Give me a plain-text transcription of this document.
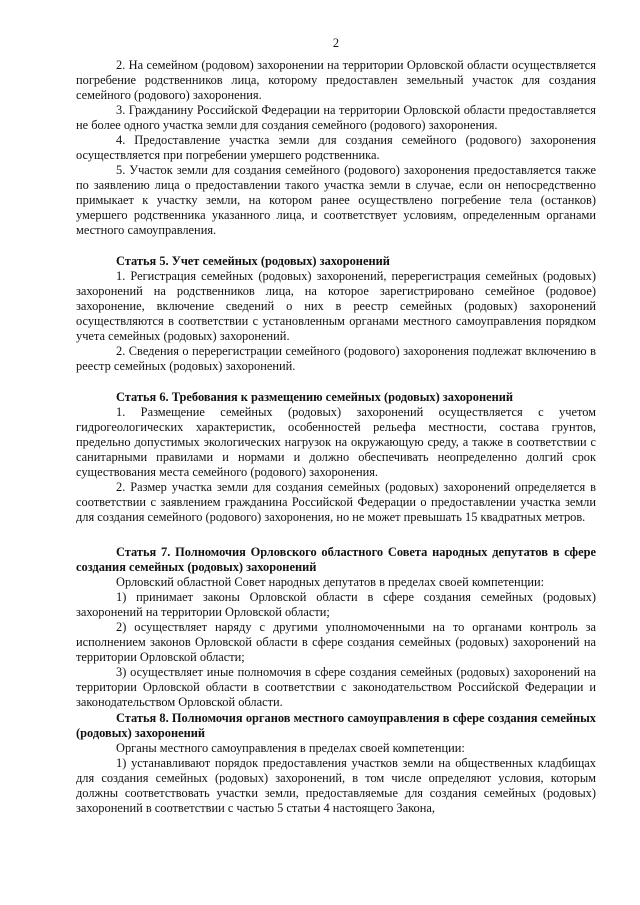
2

2. На семейном (родовом) захоронении на территории Орловской области осуществляется погребение родственников лица, которому предоставлен земельный участок для создания семейного (родового) захоронения.

3. Гражданину Российской Федерации на территории Орловской области предоставляется не более одного участка земли для создания семейного (родового) захоронения.

4. Предоставление участка земли для создания семейного (родового) захоронения осуществляется при погребении умершего родственника.

5. Участок земли для создания семейного (родового) захоронения предоставляется также по заявлению лица о предоставлении такого участка земли в случае, если он непосредственно примыкает к участку земли, на котором ранее осуществлено погребение тела (останков) умершего родственника указанного лица, и соответствует условиям, определенным органами местного самоуправления.

Статья 5. Учет семейных (родовых) захоронений

1. Регистрация семейных (родовых) захоронений, перерегистрация семейных (родовых) захоронений на родственников лица, на которое зарегистрировано семейное (родовое) захоронение, включение сведений о них в реестр семейных (родовых) захоронений осуществляются в соответствии с установленным органами местного самоуправления порядком учета семейных (родовых) захоронений.

2. Сведения о перерегистрации семейного (родового) захоронения подлежат включению в реестр семейных (родовых) захоронений.

Статья 6. Требования к размещению семейных (родовых) захоронений

1. Размещение семейных (родовых) захоронений осуществляется с учетом гидрогеологических характеристик, особенностей рельефа местности, состава грунтов, предельно допустимых экологических нагрузок на окружающую среду, а также в соответствии с санитарными правилами и нормами и должно обеспечивать неопределенно долгий срок существования места семейного (родового) захоронения.

2. Размер участка земли для создания семейных (родовых) захоронений определяется в соответствии с заявлением гражданина Российской Федерации о предоставлении участка земли для создания семейного (родового) захоронения, но не может превышать 15 квадратных метров.

Статья 7. Полномочия Орловского областного Совета народных депутатов в сфере создания семейных (родовых) захоронений

Орловский областной Совет народных депутатов в пределах своей компетенции:

1) принимает законы Орловской области в сфере создания семейных (родовых) захоронений на территории Орловской области;

2) осуществляет наряду с другими уполномоченными на то органами контроль за исполнением законов Орловской области в сфере создания семейных (родовых) захоронений на территории Орловской области;

3) осуществляет иные полномочия в сфере создания семейных (родовых) захоронений на территории Орловской области в соответствии с законодательством Российской Федерации и законодательством Орловской области.

Статья 8. Полномочия органов местного самоуправления в сфере создания семейных (родовых) захоронений

Органы местного самоуправления в пределах своей компетенции:

1) устанавливают порядок предоставления участков земли на общественных кладбищах для создания семейных (родовых) захоронений, в том числе определяют условия, которым должны соответствовать участки земли, предоставляемые для создания семейных (родовых) захоронений в соответствии с частью 5 статьи 4 настоящего Закона,
